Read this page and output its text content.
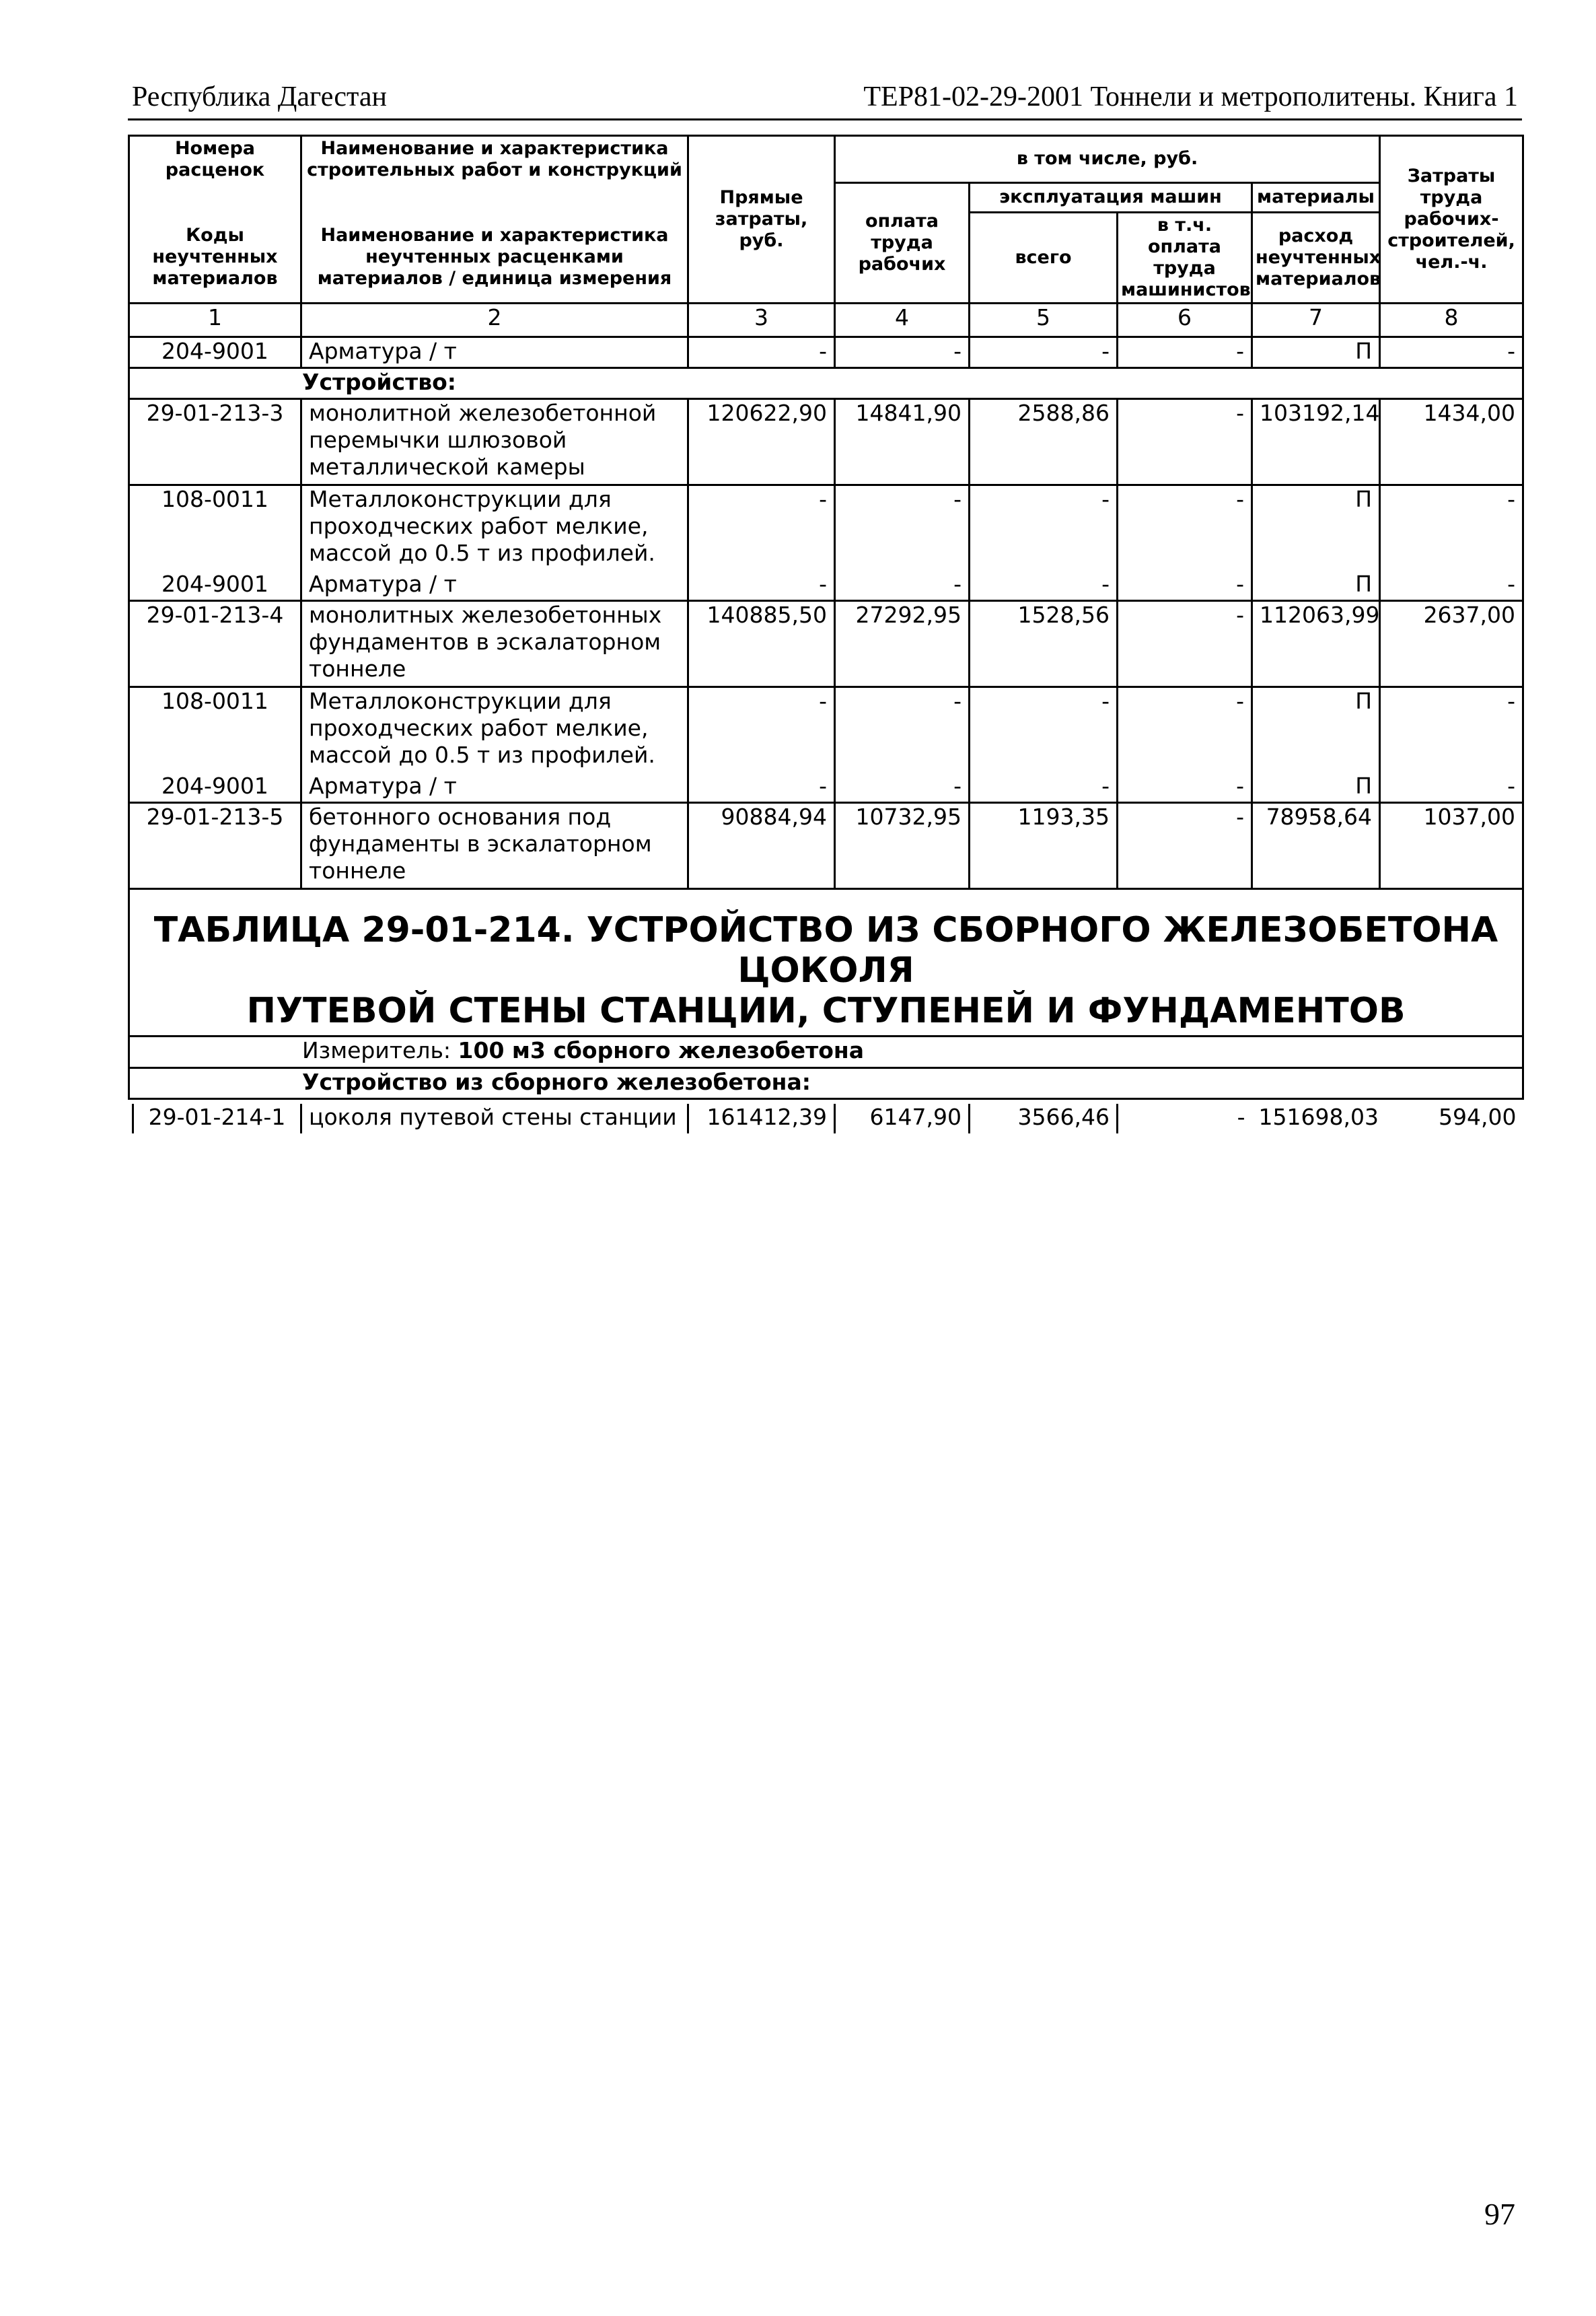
Республика Дагестан	ТЕР81-02-29-2001 Тоннели и метрополитены. Книга 1
Номера расценок	Наименование и характеристика строительных работ и конструкций	Прямые затраты, руб.	в том числе, руб.				Затраты труда рабочих-строителей, чел.-ч.
			оплата труда рабочих	эксплуатация машин		материалы	
Коды неучтенных материалов	Наименование и характеристика неучтенных расценками материалов / единица измерения			всего	в т.ч. оплата труда машинистов	расход неучтенных материалов	

1	2	3	4	5	6	7	8
204-9001	Арматура / т	-	-	-	-	П	-
Устройство:							
29-01-213-3	монолитной железобетонной перемычки шлюзовой металлической камеры	120622,90	14841,90	2588,86	-	103192,14	1434,00
108-0011	Металлоконструкции для проходческих работ мелкие, массой до 0.5 т из профилей.	-	-	-	-	П	-
204-9001	Арматура / т	-	-	-	-	П	-
29-01-213-4	монолитных железобетонных фундаментов в эскалаторном тоннеле	140885,50	27292,95	1528,56	-	112063,99	2637,00
108-0011	Металлоконструкции для проходческих работ мелкие, массой до 0.5 т из профилей.	-	-	-	-	П	-
204-9001	Арматура / т	-	-	-	-	П	-
29-01-213-5	бетонного основания под фундаменты в эскалаторном тоннеле	90884,94	10732,95	1193,35	-	78958,64	1037,00

ТАБЛИЦА 29-01-214. УСТРОЙСТВО ИЗ СБОРНОГО ЖЕЛЕЗОБЕТОНА ЦОКОЛЯ
ПУТЕВОЙ СТЕНЫ СТАНЦИИ, СТУПЕНЕЙ И ФУНДАМЕНТОВ							

Измеритель: 100 м3 сборного железобетона							
Устройство из сборного железобетона:							
29-01-214-1	цоколя путевой стены станции	161412,39	6147,90	3566,46	-	151698,03	594,00
97
